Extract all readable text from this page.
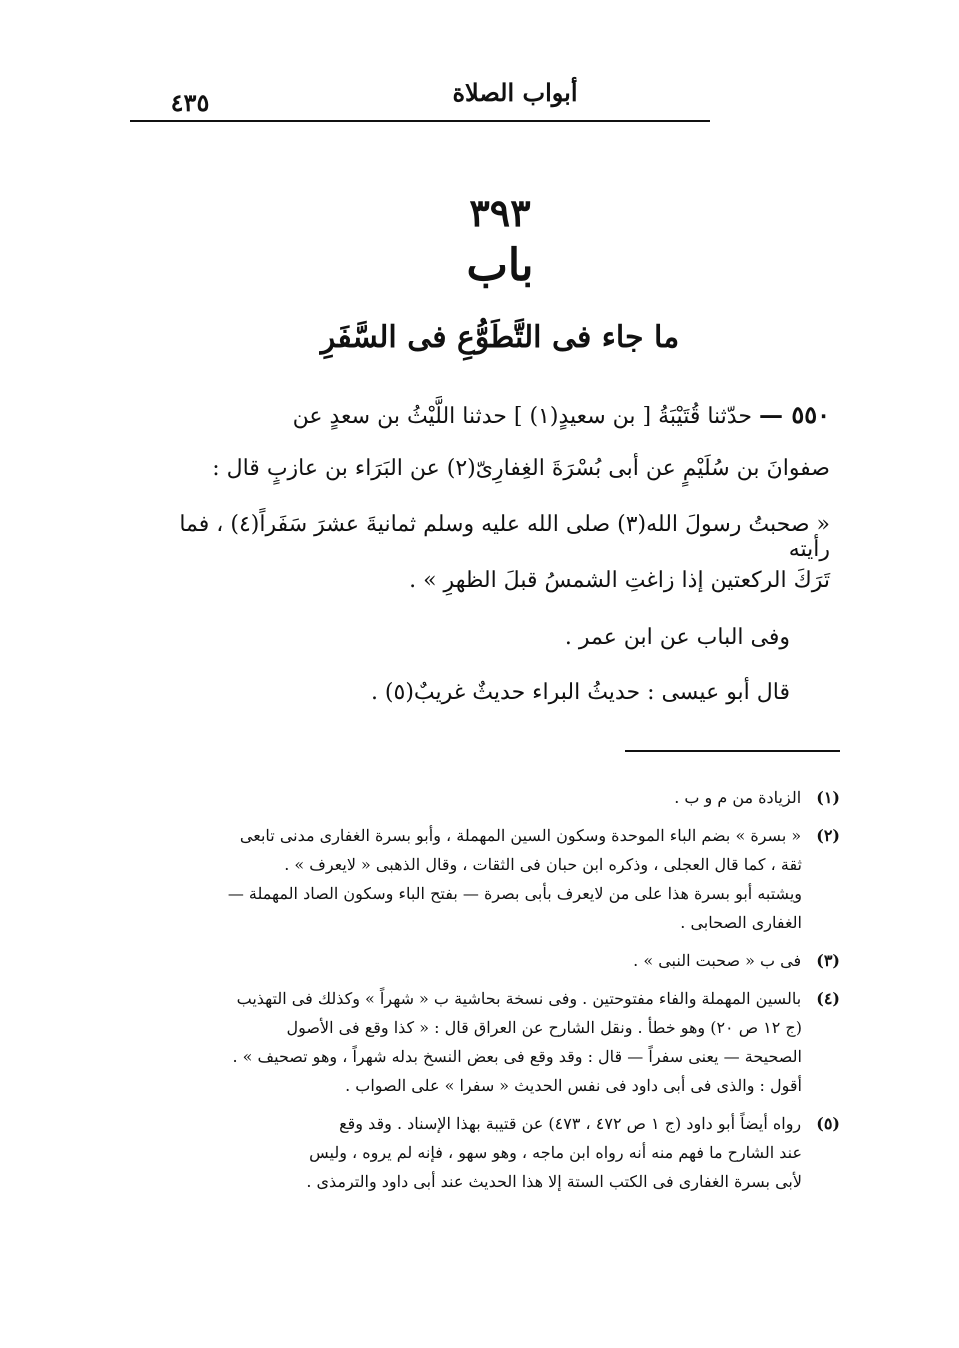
أبواب الصلاة
٤٣٥
٣٩٣
باب
ما جاء فى التَّطَوُّعِ فى السَّفَرِ
٥٥٠ — حدّثنا قُتَيْبَةُ [ بن سعيدٍ(١) ] حدثنا اللَّيْثُ بن سعدٍ عن
صفوانَ بن سُلَيْمٍ عن أبى بُسْرَةَ الغِفارِىّ(٢) عن البَرَاء بن عازبٍ قال :
« صحبتُ رسولَ الله(٣) صلى الله عليه وسلم ثمانيةَ عشرَ سَفَراً(٤) ، فما رأيته
تَرَكَ الركعتين إذا زاغتِ الشمسُ قبلَ الظهرِ » .
وفى الباب عن ابن عمر .
قال أبو عيسى : حديثُ البراء حديثٌ غريبٌ(٥) .
(١) الزيادة من م و ب .
(٢) « بسرة » بضم الباء الموحدة وسكون السين المهملة ، وأبو بسرة الغفارى مدنى تابعى
ثقة ، كما قال العجلى ، وذكره ابن حبان فى الثقات ، وقال الذهبى « لايعرف » .
ويشتبه أبو بسرة هذا على من لايعرف بأبى بصرة — بفتح الباء وسكون الصاد المهملة —
الغفارى الصحابى .
(٣) فى ب « صحبت النبى » .
(٤) بالسين المهملة والفاء مفتوحتين . وفى نسخة بحاشية ب « شهراً » وكذلك فى التهذيب
(ج ١٢ ص ٢٠) وهو خطأ . ونقل الشارح عن العراق قال : « كذا وقع فى الأصول
الصحيحة — يعنى سفراً — قال : وقد وقع فى بعض النسخ بدله شهراً ، وهو تصحيف » .
أقول : والذى فى أبى داود فى نفس الحديث « سفرا » على الصواب .
(٥) رواه أيضاً أبو داود (ج ١ ص ٤٧٢ ، ٤٧٣) عن قتيبة بهذا الإسناد . وقد وقع
عند الشارح ما فهم منه أنه رواه ابن ماجه ، وهو سهو ، فإنه لم يروه ، وليس
لأبى بسرة الغفارى فى الكتب الستة إلا هذا الحديث عند أبى داود والترمذى .
